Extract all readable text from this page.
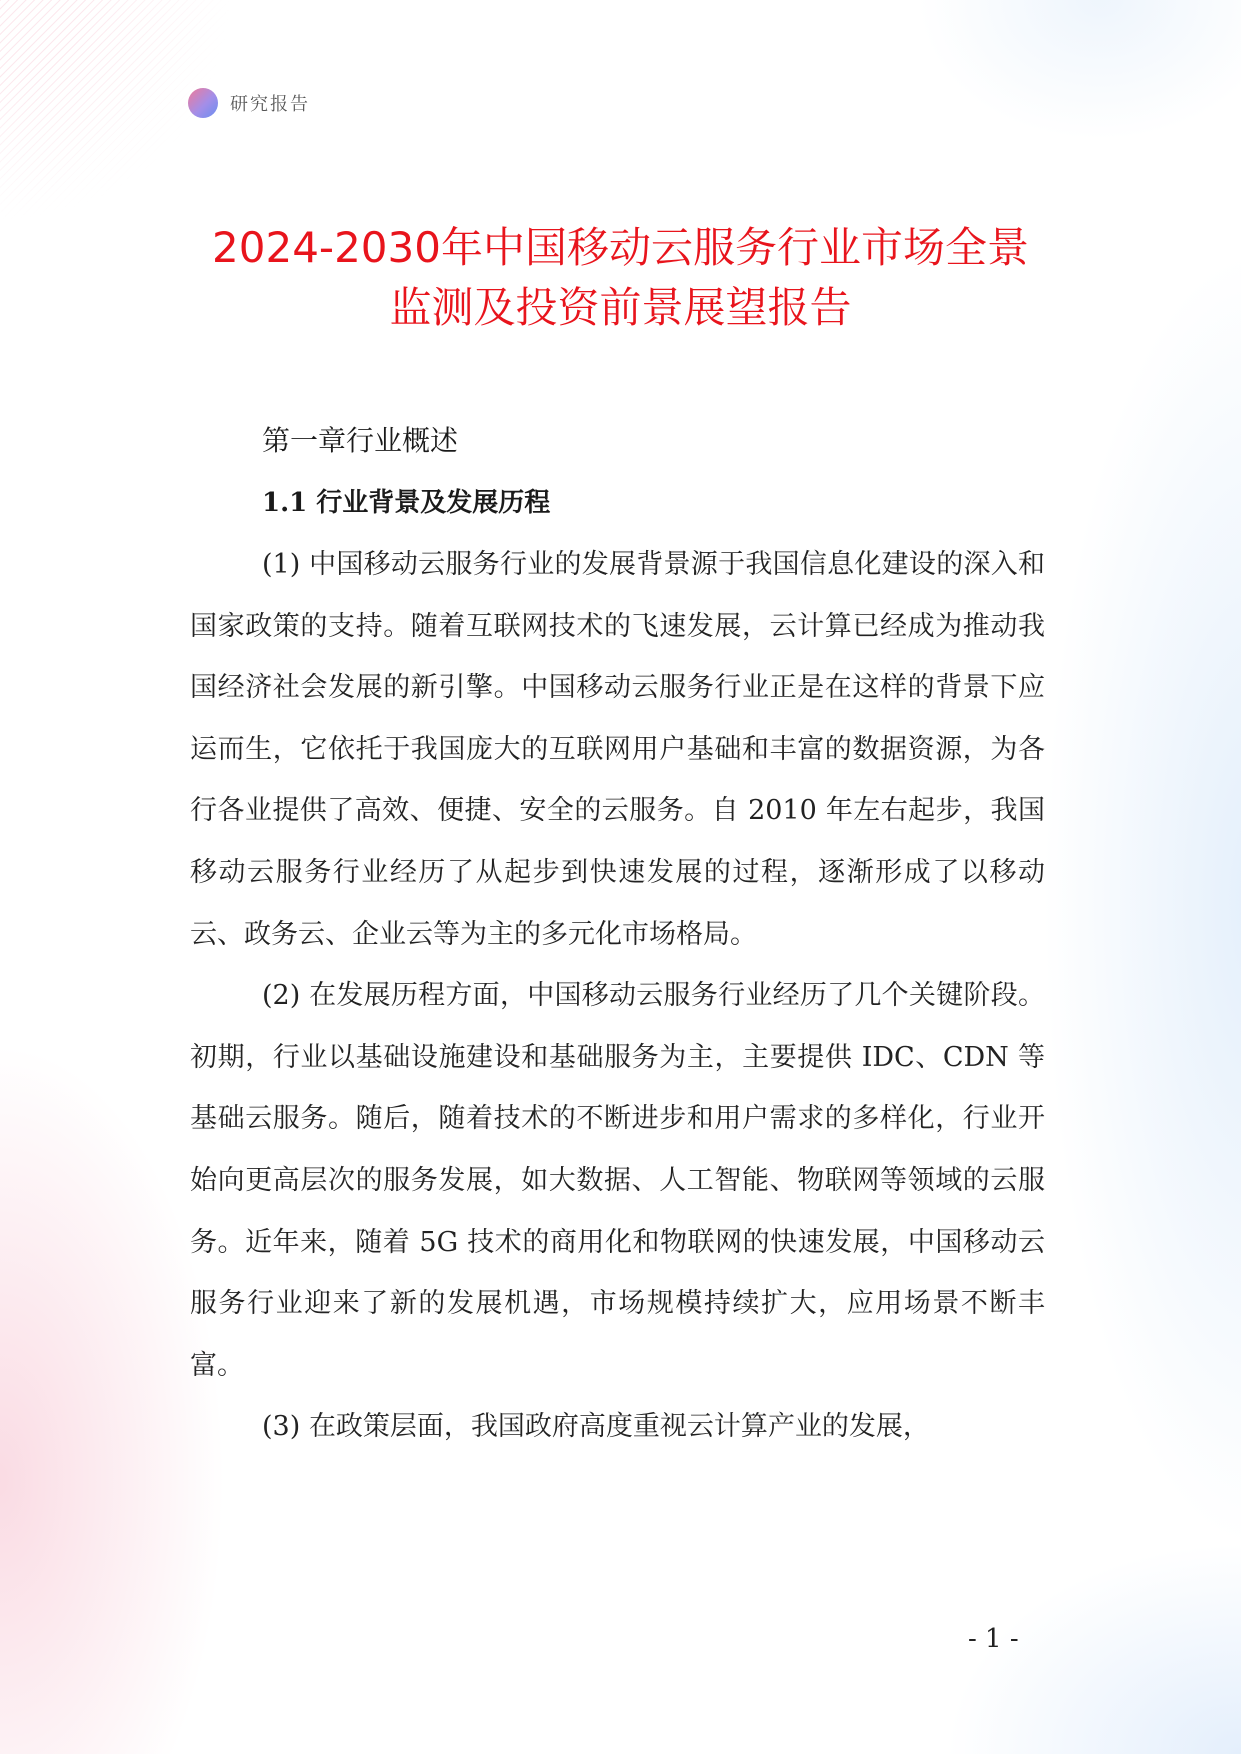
研究报告
2024-2030年中国移动云服务行业市场全景
监测及投资前景展望报告
第一章行业概述
1.1 行业背景及发展历程

(1) 中国移动云服务行业的发展背景源于我国信息化建设的深入和国家政策的支持。随着互联网技术的飞速发展，云计算已经成为推动我国经济社会发展的新引擎。中国移动云服务行业正是在这样的背景下应运而生，它依托于我国庞大的互联网用户基础和丰富的数据资源，为各行各业提供了高效、便捷、安全的云服务。自 2010 年左右起步，我国移动云服务行业经历了从起步到快速发展的过程，逐渐形成了以移动云、政务云、企业云等为主的多元化市场格局。

(2) 在发展历程方面，中国移动云服务行业经历了几个关键阶段。初期，行业以基础设施建设和基础服务为主，主要提供 IDC、CDN 等基础云服务。随后，随着技术的不断进步和用户需求的多样化，行业开始向更高层次的服务发展，如大数据、人工智能、物联网等领域的云服务。近年来，随着 5G 技术的商用化和物联网的快速发展，中国移动云服务行业迎来了新的发展机遇，市场规模持续扩大，应用场景不断丰富。

(3) 在政策层面，我国政府高度重视云计算产业的发展，

- 1 -
